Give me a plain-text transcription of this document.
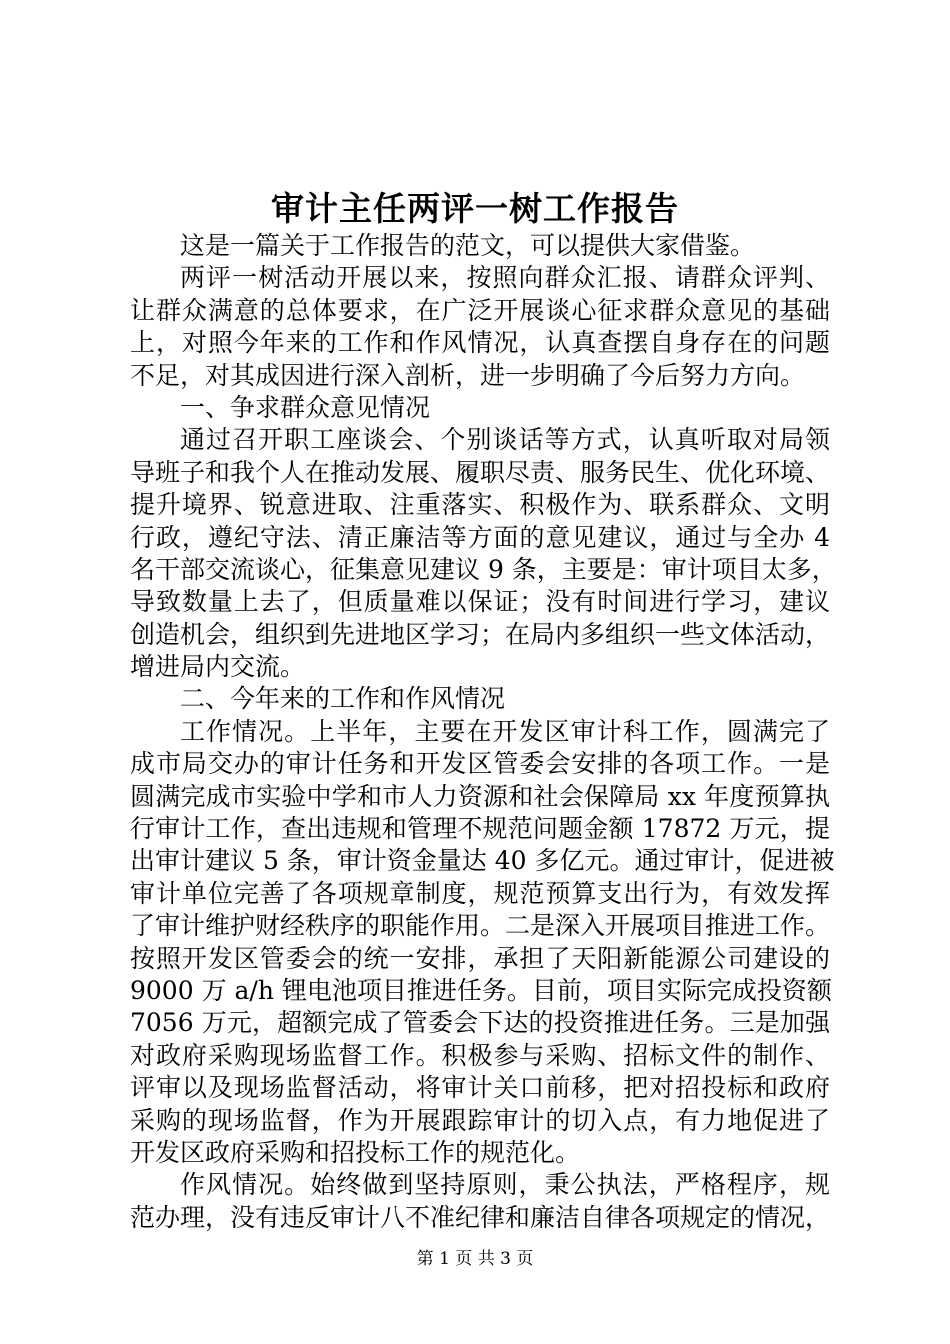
审计主任两评一树工作报告
这是一篇关于工作报告的范文，可以提供大家借鉴。
两评一树活动开展以来，按照向群众汇报、请群众评判、
让群众满意的总体要求，在广泛开展谈心征求群众意见的基础
上，对照今年来的工作和作风情况，认真查摆自身存在的问题
不足，对其成因进行深入剖析，进一步明确了今后努力方向。
一、争求群众意见情况
通过召开职工座谈会、个别谈话等方式，认真听取对局领
导班子和我个人在推动发展、履职尽责、服务民生、优化环境、
提升境界、锐意进取、注重落实、积极作为、联系群众、文明
行政，遵纪守法、清正廉洁等方面的意见建议，通过与全办 4
名干部交流谈心，征集意见建议 9 条，主要是：审计项目太多，
导致数量上去了，但质量难以保证；没有时间进行学习，建议
创造机会，组织到先进地区学习；在局内多组织一些文体活动，
增进局内交流。
二、今年来的工作和作风情况
工作情况。上半年，主要在开发区审计科工作，圆满完了
成市局交办的审计任务和开发区管委会安排的各项工作。一是
圆满完成市实验中学和市人力资源和社会保障局 xx 年度预算执
行审计工作，查出违规和管理不规范问题金额 17872 万元，提
出审计建议 5 条，审计资金量达 40 多亿元。通过审计，促进被
审计单位完善了各项规章制度，规范预算支出行为，有效发挥
了审计维护财经秩序的职能作用。二是深入开展项目推进工作。
按照开发区管委会的统一安排，承担了天阳新能源公司建设的
9000 万 a/h 锂电池项目推进任务。目前，项目实际完成投资额
7056 万元，超额完成了管委会下达的投资推进任务。三是加强
对政府采购现场监督工作。积极参与采购、招标文件的制作、
评审以及现场监督活动，将审计关口前移，把对招投标和政府
采购的现场监督，作为开展跟踪审计的切入点，有力地促进了
开发区政府采购和招投标工作的规范化。
作风情况。始终做到坚持原则，秉公执法，严格程序，规
范办理，没有违反审计八不准纪律和廉洁自律各项规定的情况，
第 1 页 共 3 页
